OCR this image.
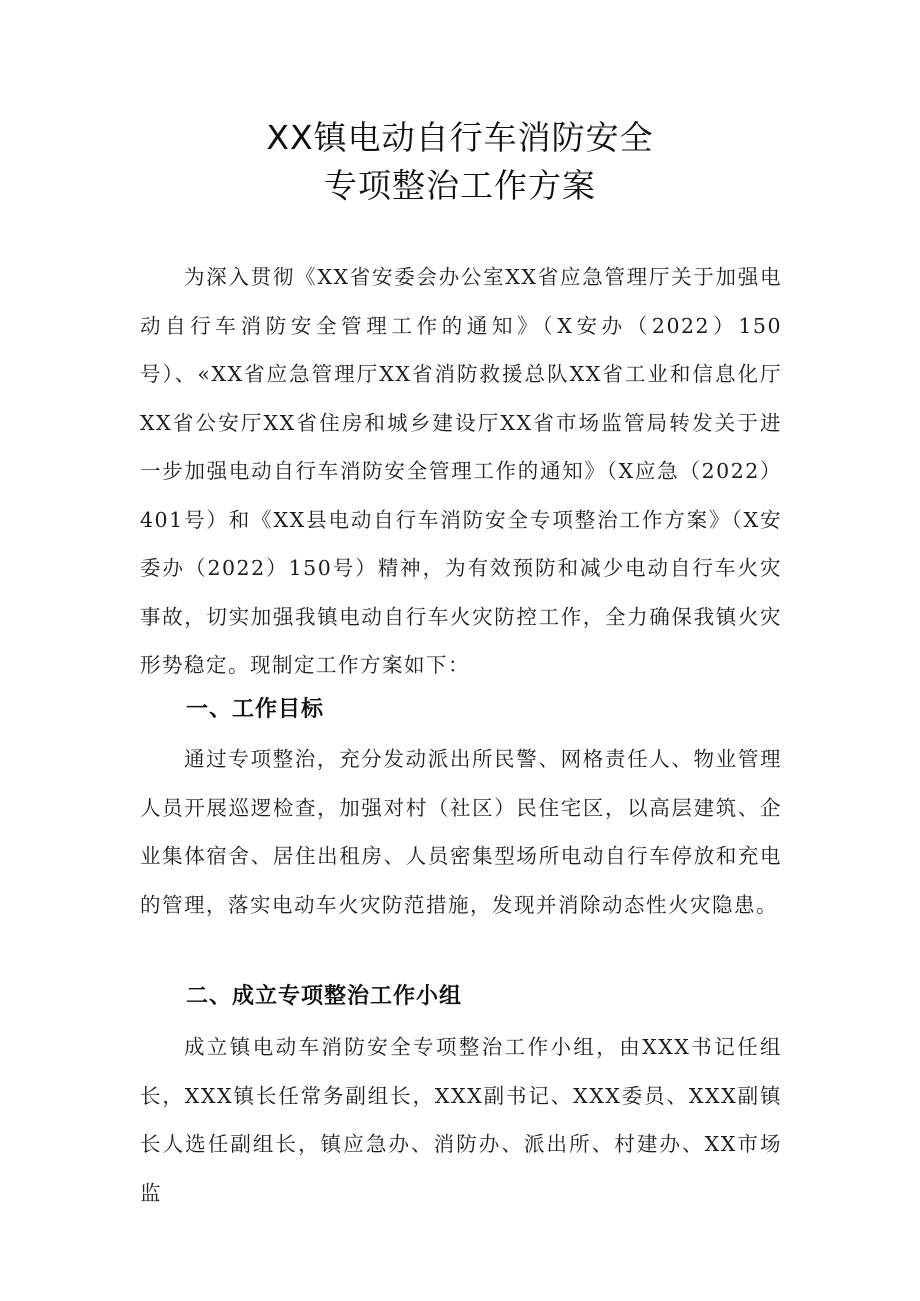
XX镇电动自行车消防安全
专项整治工作方案

为深入贯彻《XX省安委会办公室XX省应急管理厅关于加强电动自行车消防安全管理工作的通知》（X安办（2022）150号）、«XX省应急管理厅XX省消防救援总队XX省工业和信息化厅XX省公安厅XX省住房和城乡建设厅XX省市场监管局转发关于进一步加强电动自行车消防安全管理工作的通知》（X应急（2022）401号）和《XX县电动自行车消防安全专项整治工作方案》（X安委办（2022）150号）精神，为有效预防和减少电动自行车火灾事故，切实加强我镇电动自行车火灾防控工作，全力确保我镇火灾形势稳定。现制定工作方案如下：

一、工作目标

通过专项整治，充分发动派出所民警、网格责任人、物业管理人员开展巡逻检查，加强对村（社区）民住宅区，以高层建筑、企业集体宿舍、居住出租房、人员密集型场所电动自行车停放和充电的管理，落实电动车火灾防范措施，发现并消除动态性火灾隐患。

二、成立专项整治工作小组

成立镇电动车消防安全专项整治工作小组，由XXX书记任组长，XXX镇长任常务副组长，XXX副书记、XXX委员、XXX副镇长人选任副组长，镇应急办、消防办、派出所、村建办、XX市场监
